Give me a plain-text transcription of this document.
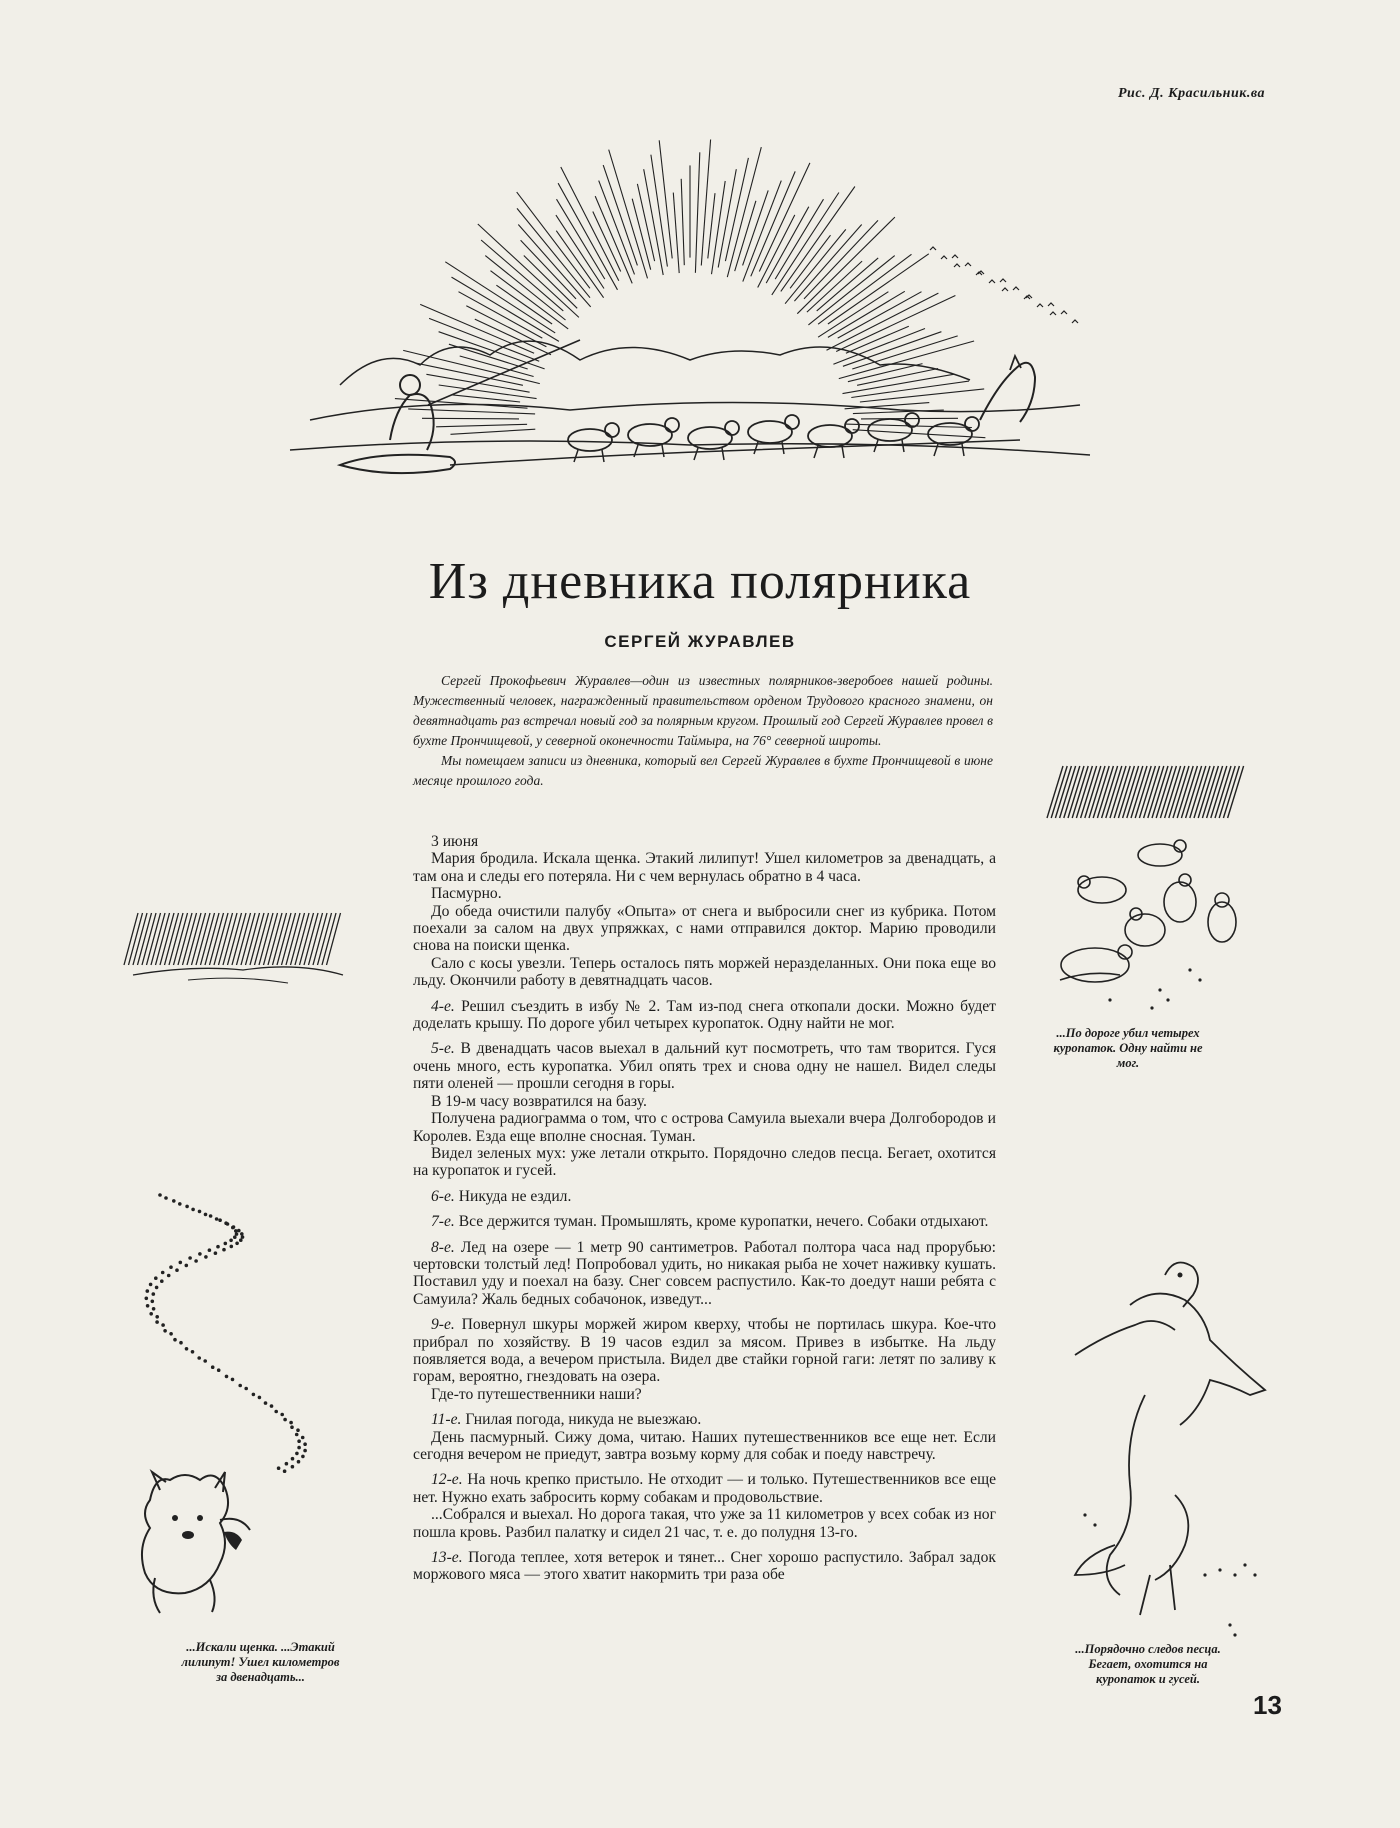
Рис. Д. Красильник.ва
Из дневника полярника
СЕРГЕЙ ЖУРАВЛЕВ

Сергей Прокофьевич Журавлев—один из известных полярников-зверобоев нашей родины. Мужественный человек, награжденный правительством орденом Трудового красного знамени, он девятнадцать раз встречал новый год за полярным кругом. Прошлый год Сергей Журавлев провел в бухте Прончищевой, у северной оконечности Таймыра, на 76° северной широты.

Мы помещаем записи из дневника, который вел Сергей Журавлев в бухте Прончищевой в июне месяце прошлого года.

3 июня

Мария бродила. Искала щенка. Этакий лилипут! Ушел километров за двенадцать, а там она и следы его потеряла. Ни с чем вернулась обратно в 4 часа.

Пасмурно.

До обеда очистили палубу «Опыта» от снега и выбросили снег из кубрика. Потом поехали за салом на двух упряжках, с нами отправился доктор. Марию проводили снова на поиски щенка.

Сало с косы увезли. Теперь осталось пять моржей неразделанных. Они пока еще во льду. Окончили работу в девятнадцать часов.

4-е. Решил съездить в избу № 2. Там из-под снега откопали доски. Можно будет доделать крышу. По дороге убил четырех куропаток. Одну найти не мог.

5-е. В двенадцать часов выехал в дальний кут посмотреть, что там творится. Гуся очень много, есть куропатка. Убил опять трех и снова одну не нашел. Видел следы пяти оленей — прошли сегодня в горы.

В 19-м часу возвратился на базу.

Получена радиограмма о том, что с острова Самуила выехали вчера Долгобородов и Королев. Езда еще вполне сносная. Туман.

Видел зеленых мух: уже летали открыто. Порядочно следов песца. Бегает, охотится на куропаток и гусей.

6-е. Никуда не ездил.

7-е. Все держится туман. Промышлять, кроме куропатки, нечего. Собаки отдыхают.

8-е. Лед на озере — 1 метр 90 сантиметров. Работал полтора часа над прорубью: чертовски толстый лед! Попробовал удить, но никакая рыба не хочет наживку кушать. Поставил уду и поехал на базу. Снег совсем распустило. Как-то доедут наши ребята с Самуила? Жаль бедных собачонок, изведут...

9-е. Повернул шкуры моржей жиром кверху, чтобы не портилась шкура. Кое-что прибрал по хозяйству. В 19 часов ездил за мясом. Привез в избытке. На льду появляется вода, а вечером пристыла. Видел две стайки горной гаги: летят по заливу к горам, вероятно, гнездовать на озера.

Где-то путешественники наши?

11-е. Гнилая погода, никуда не выезжаю.

День пасмурный. Сижу дома, читаю. Наших путешественников все еще нет. Если сегодня вечером не приедут, завтра возьму корму для собак и поеду навстречу.

12-е. На ночь крепко пристыло. Не отходит — и только. Путешественников все еще нет. Нужно ехать забросить корму собакам и продовольствие.

...Собрался и выехал. Но дорога такая, что уже за 11 километров у всех собак из ног пошла кровь. Разбил палатку и сидел 21 час, т. е. до полудня 13-го.

13-е. Погода теплее, хотя ветерок и тянет... Снег хорошо распустило. Забрал задок моржового мяса — этого хватит накормить три раза обе

...По дороге убил четырех куропаток. Одну найти не мог.
...Искали щенка. ...Этакий лилипут! Ушел километров за двенадцать...
...Порядочно следов песца. Бегает, охотится на куропаток и гусей.
13
